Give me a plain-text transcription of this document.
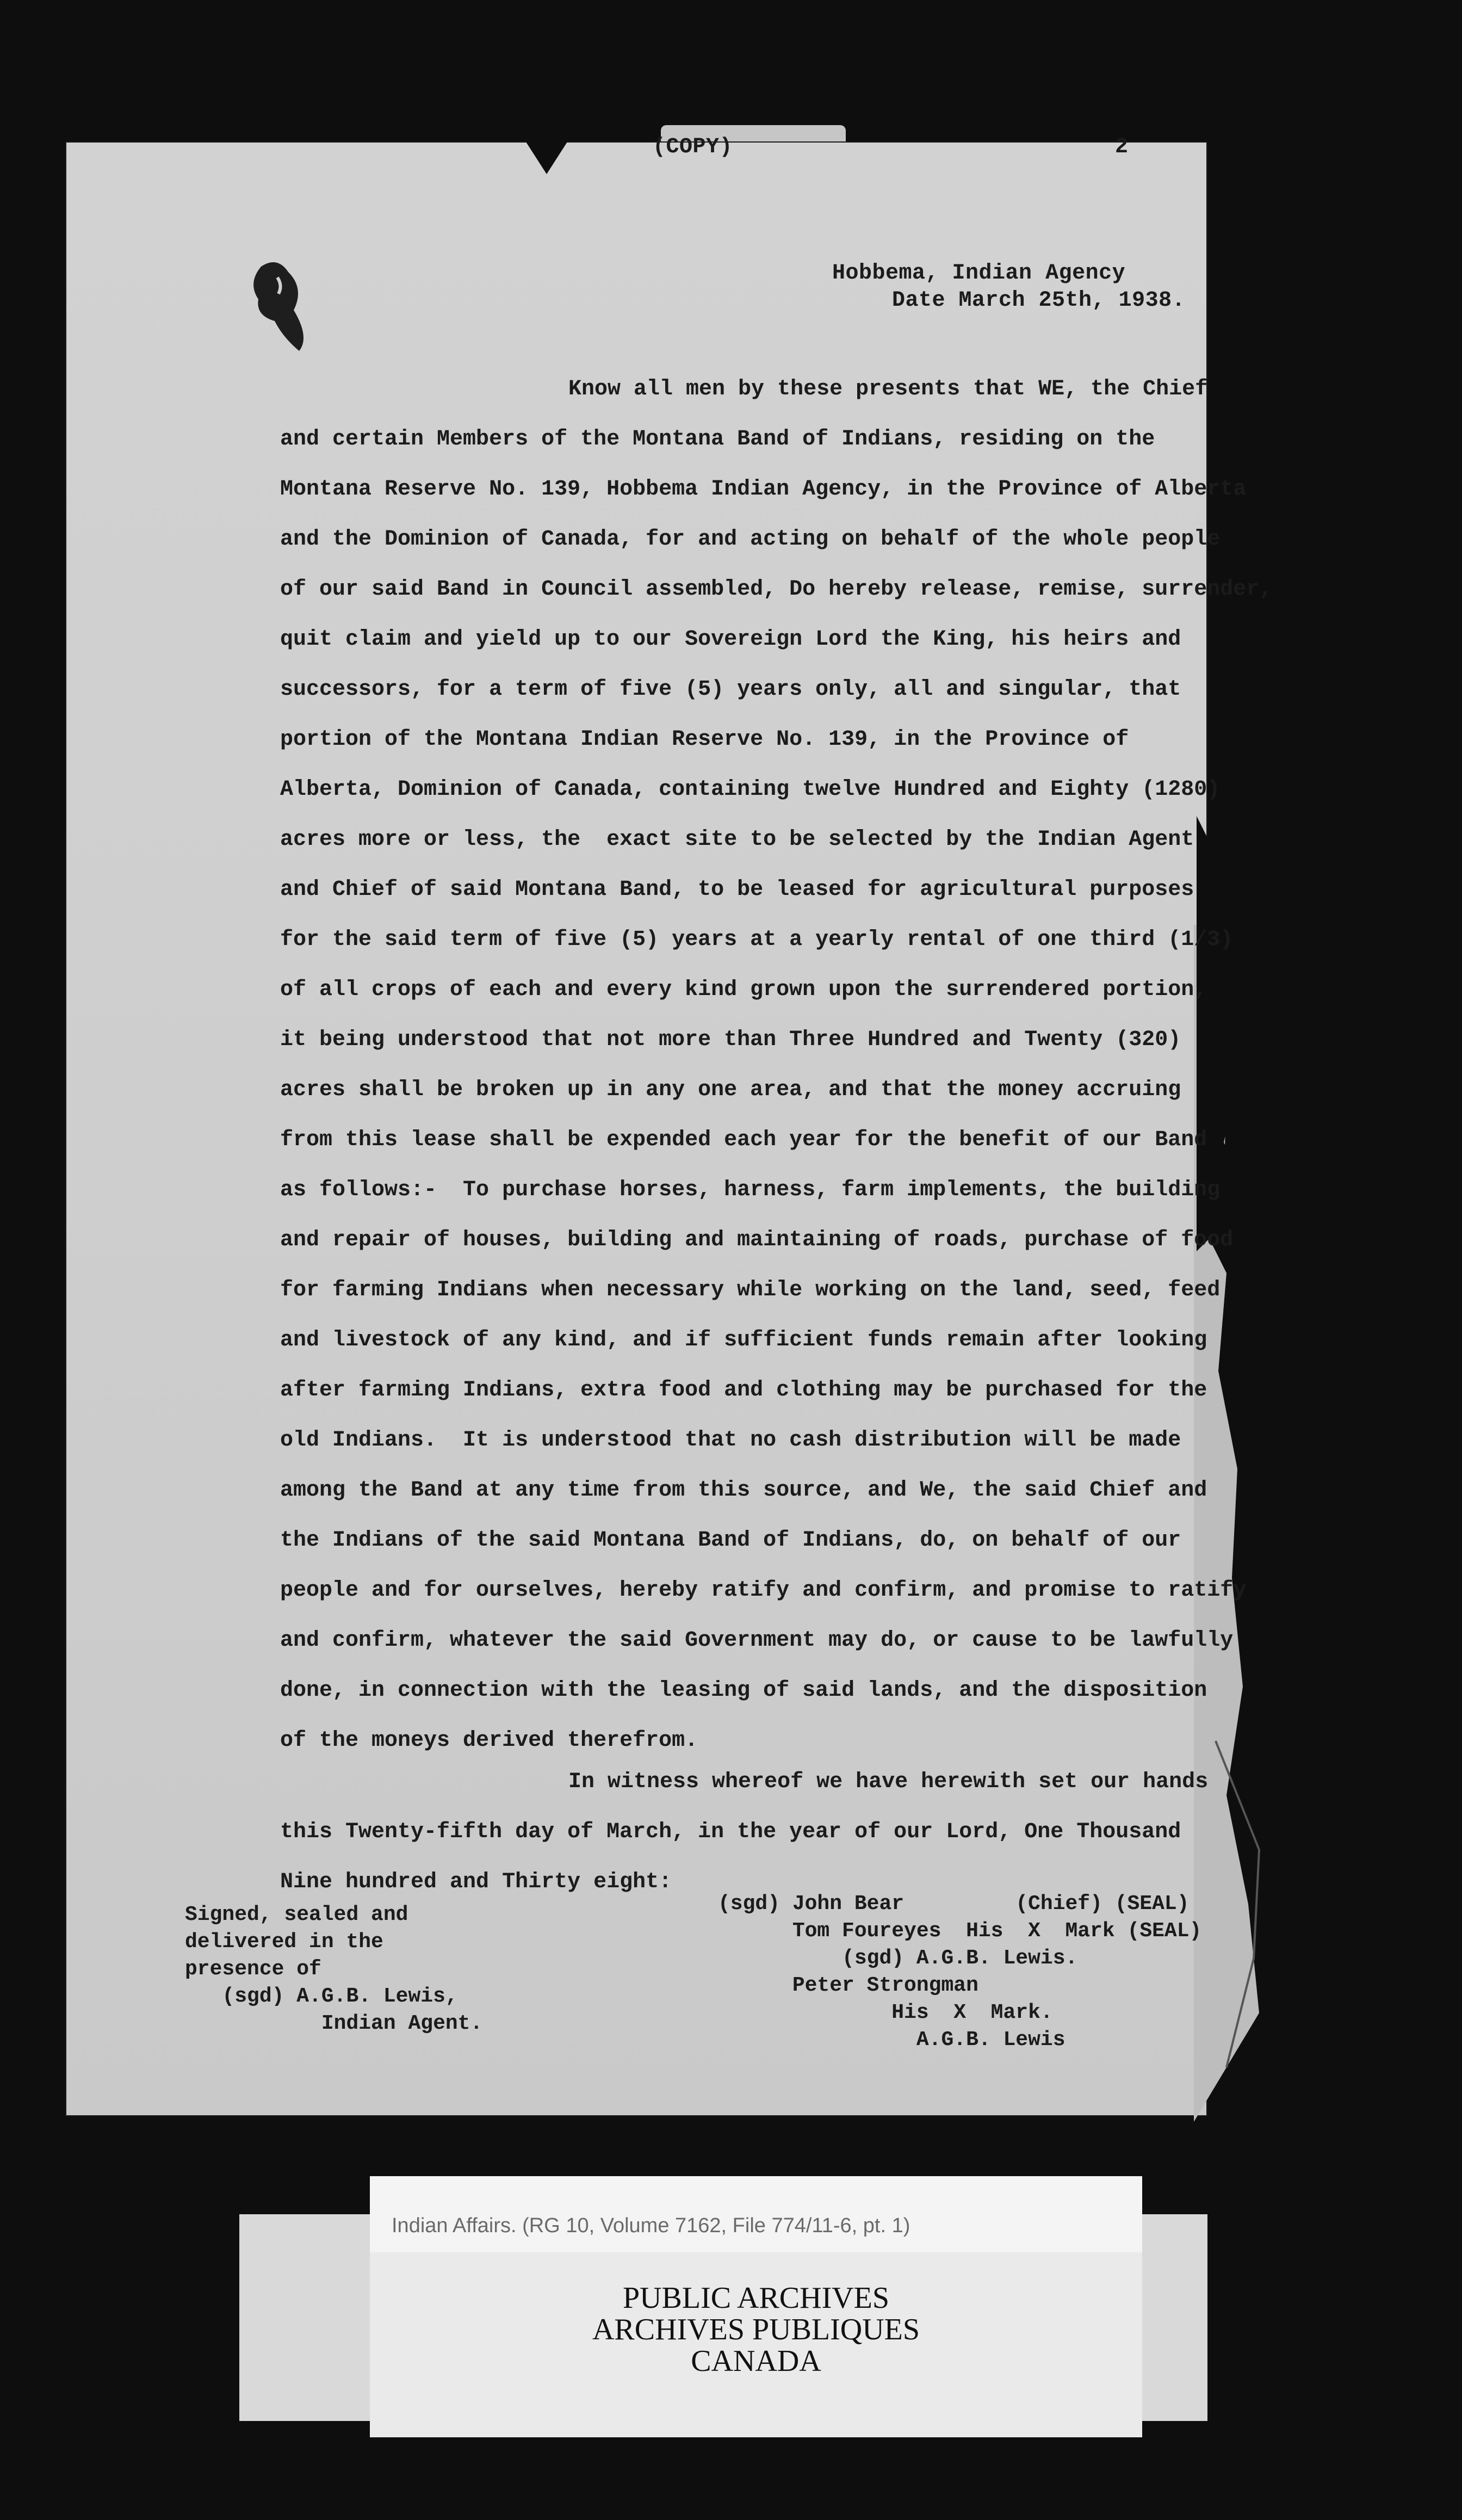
(COPY)	2
Hobbema, Indian Agency
Date March 25th, 1938.
Know all men by these presents that WE, the Chief
and certain Members of the Montana Band of Indians, residing on the
Montana Reserve No. 139, Hobbema Indian Agency, in the Province of Alberta
and the Dominion of Canada, for and acting on behalf of the whole people
of our said Band in Council assembled, Do hereby release, remise, surrender,
quit claim and yield up to our Sovereign Lord the King, his heirs and
successors, for a term of five (5) years only, all and singular, that
portion of the Montana Indian Reserve No. 139, in the Province of
Alberta, Dominion of Canada, containing twelve Hundred and Eighty (1280)
acres more or less, the  exact site to be selected by the Indian Agent
and Chief of said Montana Band, to be leased for agricultural purposes
for the said term of five (5) years at a yearly rental of one third (1/3)
of all crops of each and every kind grown upon the surrendered portion,
it being understood that not more than Three Hundred and Twenty (320)
acres shall be broken up in any one area, and that the money accruing
from this lease shall be expended each year for the benefit of our Band
as follows:-  To purchase horses, harness, farm implements, the building
and repair of houses, building and maintaining of roads, purchase of food
for farming Indians when necessary while working on the land, seed, feed
and livestock of any kind, and if sufficient funds remain after looking
after farming Indians, extra food and clothing may be purchased for the
old Indians.  It is understood that no cash distribution will be made
among the Band at any time from this source, and We, the said Chief and
the Indians of the said Montana Band of Indians, do, on behalf of our
people and for ourselves, hereby ratify and confirm, and promise to ratify
and confirm, whatever the said Government may do, or cause to be lawfully
done, in connection with the leasing of said lands, and the disposition
of the moneys derived therefrom.
In witness whereof we have herewith set our hands
this Twenty-fifth day of March, in the year of our Lord, One Thousand
Nine hundred and Thirty eight:
Signed, sealed and
delivered in the
presence of
(sgd) A.G.B. Lewis,
Indian Agent.
(sgd) John Bear         (Chief) (SEAL)
Tom Foureyes  His  X  Mark (SEAL)
(sgd) A.G.B. Lewis.
Peter Strongman
His  X  Mark.
A.G.B. Lewis
Indian Affairs. (RG 10, Volume 7162, File 774/11-6, pt. 1)
PUBLIC ARCHIVES
ARCHIVES PUBLIQUES
CANADA
